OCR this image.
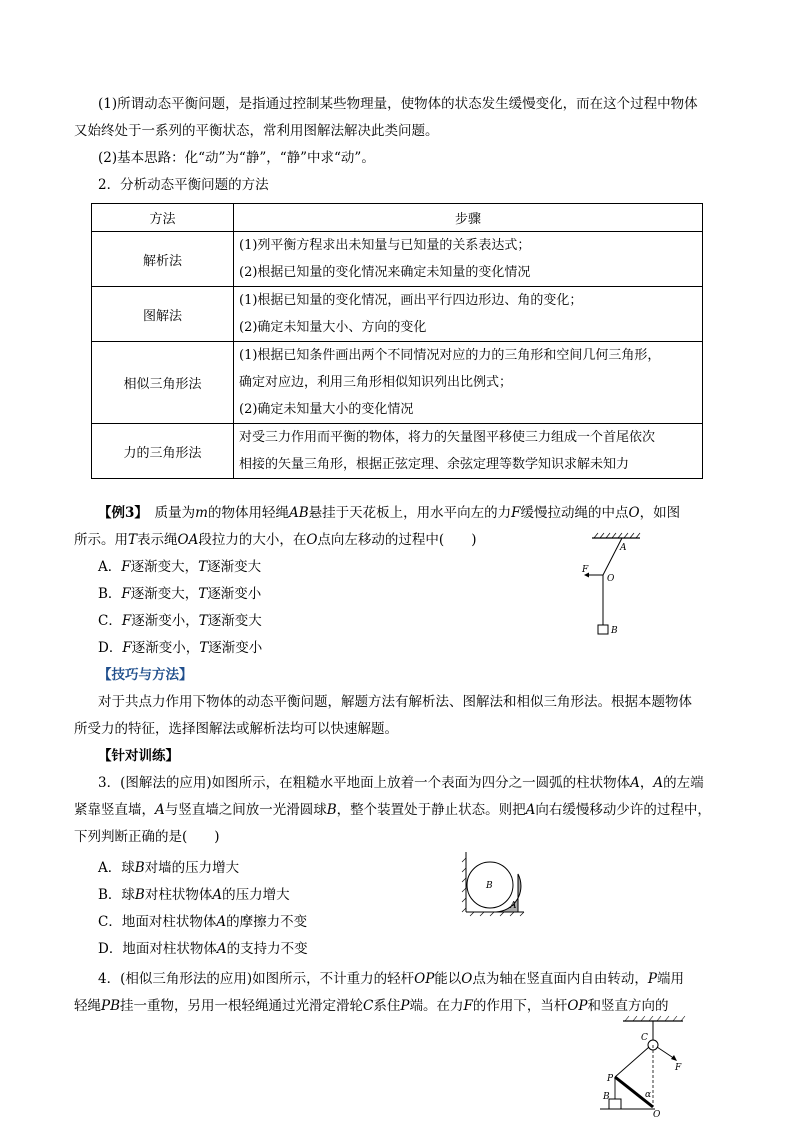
(1)所谓动态平衡问题，是指通过控制某些物理量，使物体的状态发生缓慢变化，而在这个过程中物体
又始终处于一系列的平衡状态，常利用图解法解决此类问题。
(2)基本思路：化“动”为“静”，“静”中求“动”。
2．分析动态平衡问题的方法
方法	步骤
解析法	(1)列平衡方程求出未知量与已知量的关系表达式；
(2)根据已知量的变化情况来确定未知量的变化情况

图解法	(1)根据已知量的变化情况，画出平行四边形边、角的变化；
(2)确定未知量大小、方向的变化

相似三角形法	(1)根据已知条件画出两个不同情况对应的力的三角形和空间几何三角形，
确定对应边，利用三角形相似知识列出比例式；
(2)确定未知量大小的变化情况

力的三角形法	对受三力作用而平衡的物体，将力的矢量图平移使三力组成一个首尾依次
相接的矢量三角形，根据正弦定理、余弦定理等数学知识求解未知力
【例3】　质量为m的物体用轻绳AB悬挂于天花板上，用水平向左的力F缓慢拉动绳的中点O，如图
所示。用T表示绳OA段拉力的大小，在O点向左移动的过程中(　　)
A．F逐渐变大，T逐渐变大
B．F逐渐变大，T逐渐变小
C．F逐渐变小，T逐渐变大
D．F逐渐变小，T逐渐变小
A
F
O
B
【技巧与方法】
对于共点力作用下物体的动态平衡问题，解题方法有解析法、图解法和相似三角形法。根据本题物体
所受力的特征，选择图解法或解析法均可以快速解题。
【针对训练】
3．(图解法的应用)如图所示，在粗糙水平地面上放着一个表面为四分之一圆弧的柱状物体A，A的左端
紧靠竖直墙，A与竖直墙之间放一光滑圆球B，整个装置处于静止状态。则把A向右缓慢移动少许的过程中，
下列判断正确的是(　　)
A．球B对墙的压力增大
B．球B对柱状物体A的压力增大
C．地面对柱状物体A的摩擦力不变
D．地面对柱状物体A的支持力不变
B
A
4．(相似三角形法的应用)如图所示，不计重力的轻杆OP能以O点为轴在竖直面内自由转动，P端用
轻绳PB挂一重物，另用一根轻绳通过光滑定滑轮C系住P端。在力F的作用下，当杆OP和竖直方向的
C
F
P
B	α
O
